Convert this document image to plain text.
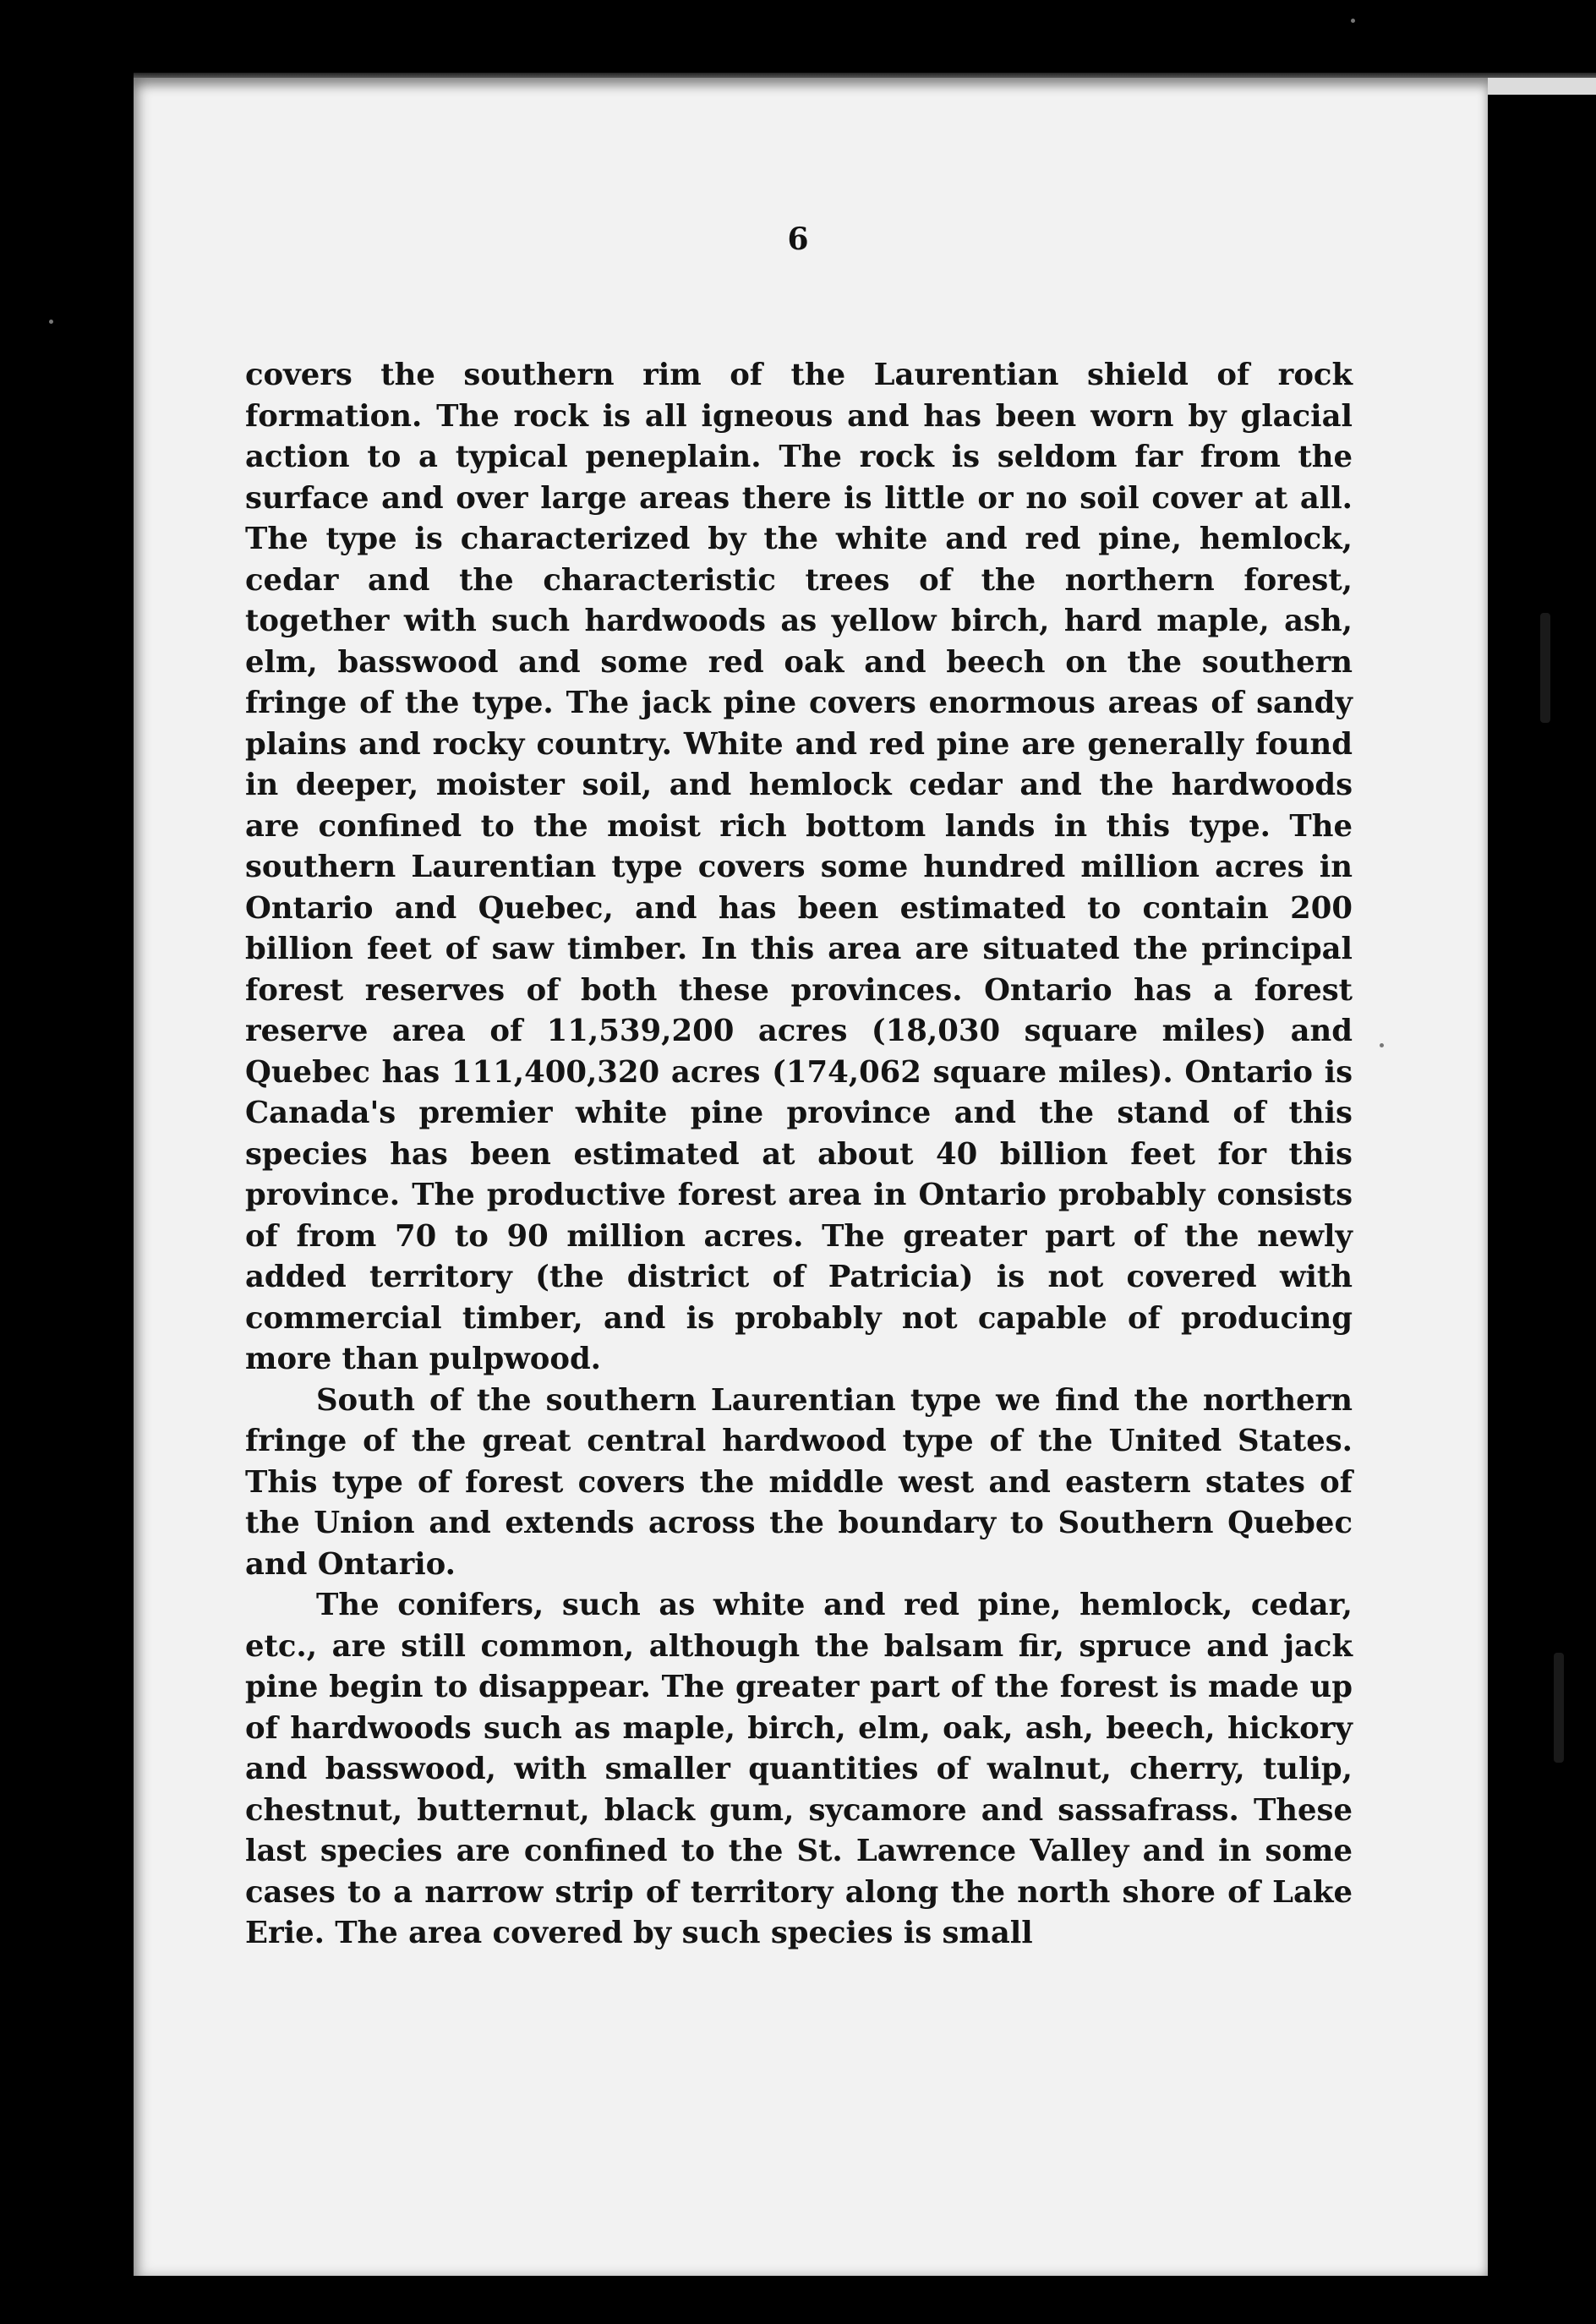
6

covers the southern rim of the Laurentian shield of rock formation. The rock is all igneous and has been worn by glacial action to a typical peneplain. The rock is seldom far from the surface and over large areas there is little or no soil cover at all. The type is characterized by the white and red pine, hemlock, cedar and the characteristic trees of the northern forest, together with such hardwoods as yellow birch, hard maple, ash, elm, basswood and some red oak and beech on the southern fringe of the type. The jack pine covers enormous areas of sandy plains and rocky country. White and red pine are generally found in deeper, moister soil, and hemlock cedar and the hardwoods are confined to the moist rich bottom lands in this type. The southern Laurentian type covers some hundred million acres in Ontario and Quebec, and has been estimated to contain 200 billion feet of saw timber. In this area are situated the principal forest reserves of both these provinces. Ontario has a forest reserve area of 11,539,200 acres (18,030 square miles) and Quebec has 111,400,320 acres (174,062 square miles). Ontario is Canada's premier white pine province and the stand of this species has been estimated at about 40 billion feet for this province. The productive forest area in Ontario probably consists of from 70 to 90 million acres. The greater part of the newly added territory (the district of Patricia) is not covered with commercial timber, and is probably not capable of producing more than pulpwood.

South of the southern Laurentian type we find the northern fringe of the great central hardwood type of the United States. This type of forest covers the middle west and eastern states of the Union and extends across the boundary to Southern Quebec and Ontario.

The conifers, such as white and red pine, hemlock, cedar, etc., are still common, although the balsam fir, spruce and jack pine begin to disappear. The greater part of the forest is made up of hardwoods such as maple, birch, elm, oak, ash, beech, hickory and basswood, with smaller quantities of walnut, cherry, tulip, chestnut, butternut, black gum, sycamore and sassafrass. These last species are confined to the St. Lawrence Valley and in some cases to a narrow strip of territory along the north shore of Lake Erie. The area covered by such species is small
